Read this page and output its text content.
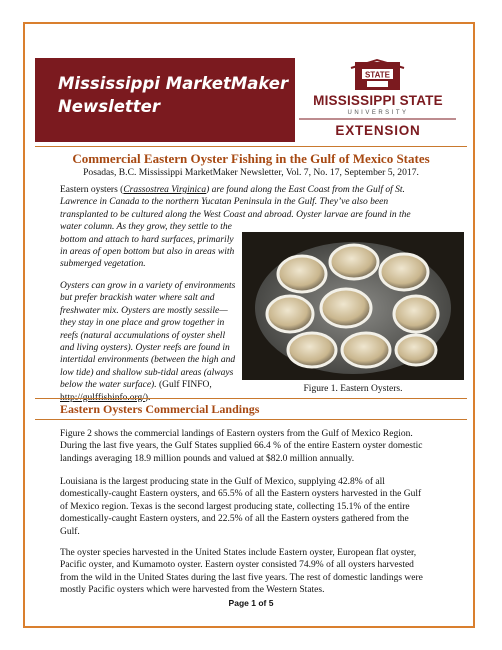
Mississippi MarketMaker
Newsletter
STATE
MISSISSIPPI STATE
UNIVERSITY
EXTENSION
Commercial Eastern Oyster Fishing in the Gulf of Mexico States
Posadas, B.C. Mississippi MarketMaker Newsletter, Vol. 7, No. 17, September 5, 2017.
Eastern oysters (Crassostrea Virginica) are found along the East Coast from the Gulf of St.
Lawrence in Canada to the northern Yucatan Peninsula in the Gulf. They’ve also been
transplanted to be cultured along the West Coast and abroad. Oyster larvae are found in the
water column. As they grow, they settle to the
bottom and attach to hard surfaces, primarily
in areas of open bottom but also in areas with
submerged vegetation.
Oysters can grow in a variety of environments
but prefer brackish water where salt and
freshwater mix. Oysters are mostly sessile—
they stay in one place and grow together in
reefs (natural accumulations of oyster shell
and living oysters). Oyster reefs are found in
intertidal environments (between the high and
low tide) and shallow sub-tidal areas (always
below the water surface). (Gulf FINFO,	Figure 1. Eastern Oysters.
Eastern Oysters Commercial Landings
Figure 2 shows the commercial landings of Eastern oysters from the Gulf of Mexico Region.
During the last five years, the Gulf States supplied 66.4 % of the entire Eastern oyster domestic
landings averaging 18.9 million pounds and valued at $82.0 million annually.
Louisiana is the largest producing state in the Gulf of Mexico, supplying 42.8% of all
domestically-caught Eastern oysters, and 65.5% of all the Eastern oysters harvested in the Gulf
of Mexico region. Texas is the second largest producing state, collecting 15.1% of the entire
domestically-caught Eastern oysters, and 22.5% of all the Eastern oysters gathered from the
Gulf.
The oyster species harvested in the United States include Eastern oyster, European flat oyster,
Pacific oyster, and Kumamoto oyster. Eastern oyster consisted 74.9% of all oysters harvested
from the wild in the United States during the last five years. The rest of domestic landings were
mostly Pacific oysters which were harvested from the Western States.
Page 1 of 5
